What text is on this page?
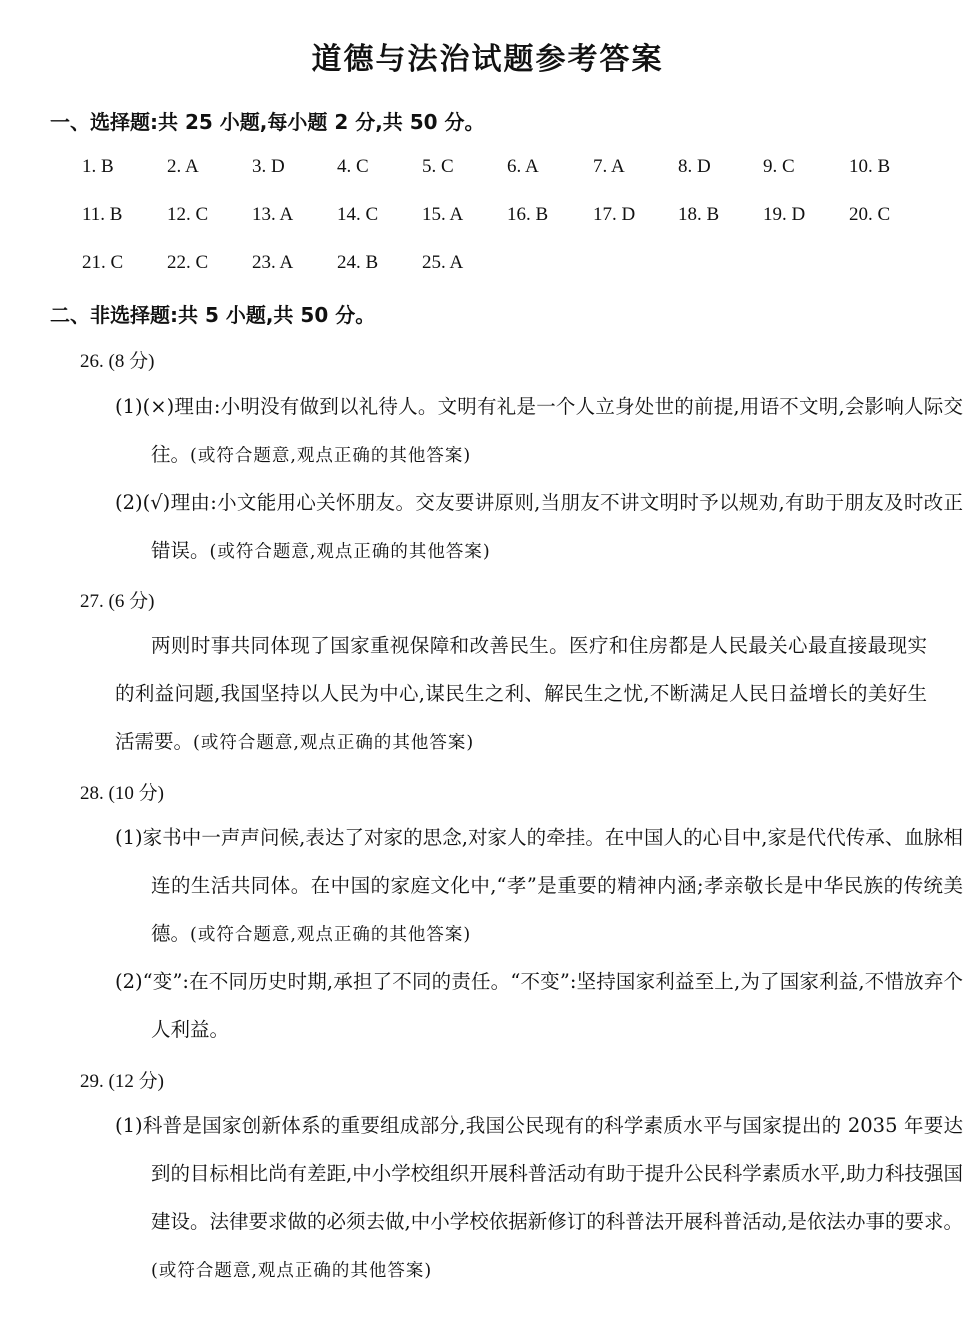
道德与法治试题参考答案
一、选择题:共 25 小题,每小题 2 分,共 50 分。
1. B	2. A	3. D	4. C	5. C	6. A	7. A	8. D	9. C	10. B
11. B	12. C	13. A	14. C	15. A	16. B	17. D	18. B	19. D	20. C
21. C	22. C	23. A	24. B	25. A
二、非选择题:共 5 小题,共 50 分。
26. (8 分)
(1)(×)理由:小明没有做到以礼待人。文明有礼是一个人立身处世的前提,用语不文明,会影响人际交往。(或符合题意,观点正确的其他答案)
(2)(√)理由:小文能用心关怀朋友。交友要讲原则,当朋友不讲文明时予以规劝,有助于朋友及时改正错误。(或符合题意,观点正确的其他答案)
27. (6 分)
两则时事共同体现了国家重视保障和改善民生。医疗和住房都是人民最关心最直接最现实的利益问题,我国坚持以人民为中心,谋民生之利、解民生之忧,不断满足人民日益增长的美好生活需要。(或符合题意,观点正确的其他答案)
28. (10 分)
(1)家书中一声声问候,表达了对家的思念,对家人的牵挂。在中国人的心目中,家是代代传承、血脉相连的生活共同体。在中国的家庭文化中,“孝”是重要的精神内涵;孝亲敬长是中华民族的传统美德。(或符合题意,观点正确的其他答案)
(2)“变”:在不同历史时期,承担了不同的责任。“不变”:坚持国家利益至上,为了国家利益,不惜放弃个人利益。
29. (12 分)
(1)科普是国家创新体系的重要组成部分,我国公民现有的科学素质水平与国家提出的 2035 年要达到的目标相比尚有差距,中小学校组织开展科普活动有助于提升公民科学素质水平,助力科技强国建设。法律要求做的必须去做,中小学校依据新修订的科普法开展科普活动,是依法办事的要求。(或符合题意,观点正确的其他答案)
